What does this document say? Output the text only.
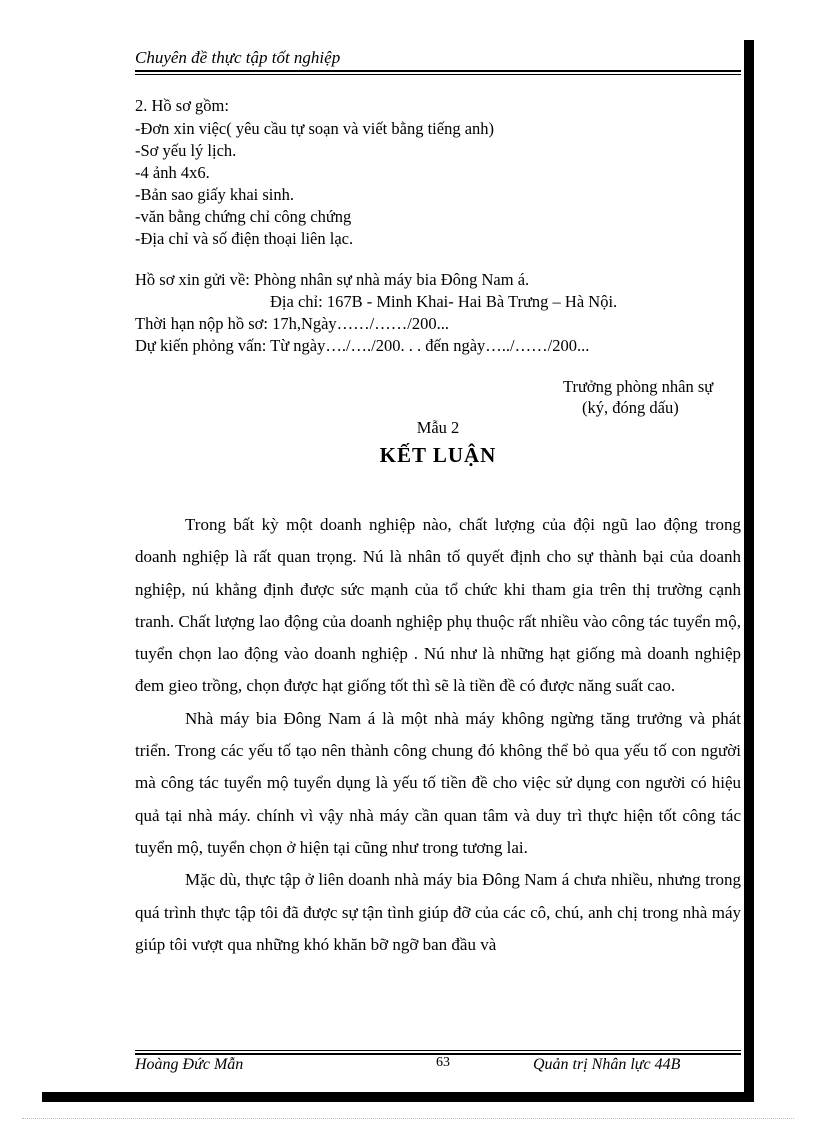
Chuyên đề thực tập tốt nghiệp
2. Hồ sơ gồm:
-Đơn xin việc( yêu cầu tự soạn và viết bằng tiếng anh)
-Sơ yếu lý lịch.
-4 ảnh 4x6.
-Bản sao giấy khai sinh.
-văn bằng chứng chỉ công chứng
-Địa chỉ và số điện thoại liên lạc.
Hồ sơ xin gửi về: Phòng nhân sự nhà máy bia Đông Nam á.
Địa chỉ: 167B - Minh Khai- Hai Bà Trưng – Hà Nội.
Thời hạn nộp hồ sơ: 17h,Ngày……/……/200...
Dự kiến phỏng vấn: Từ ngày…./…./200. . . đến ngày…../……/200...
Trưởng phòng nhân sự
(ký, đóng dấu)
Mẫu 2
KẾT LUẬN

Trong bất kỳ một doanh nghiệp nào, chất lượng của đội ngũ lao động trong doanh nghiệp là rất quan trọng. Nú là nhân tố quyết định cho sự thành bại của doanh nghiệp, nú khẳng định được sức mạnh của tổ chức khi tham gia trên thị trường cạnh tranh. Chất lượng lao động của doanh nghiệp phụ thuộc rất nhiều vào công tác tuyển mộ, tuyển chọn lao động vào doanh nghiệp . Nú như là những hạt giống mà doanh nghiệp đem gieo trồng, chọn được hạt giống tốt thì sẽ là tiền đề có được năng suất cao.

Nhà máy bia Đông Nam á là một nhà máy không ngừng tăng trưởng và phát triển. Trong các yếu tố tạo nên thành công chung đó không thể bỏ qua yếu tố con người mà công tác tuyển mộ tuyển dụng là yếu tố tiền đề cho việc sử dụng con người có hiệu quả tại nhà máy. chính vì vậy nhà máy cần quan tâm và duy trì thực hiện tốt công tác tuyển mộ, tuyển chọn ở hiện tại cũng như trong tương lai.

Mặc dù, thực tập ở liên doanh nhà máy bia Đông Nam á chưa nhiều, nhưng trong quá trình thực tập tôi đã được sự tận tình giúp đỡ của các cô, chú, anh chị trong nhà máy giúp tôi vượt qua những khó khăn bỡ ngỡ ban đầu và

Hoàng Đức Mẫn	63	Quản trị Nhân lực 44B
